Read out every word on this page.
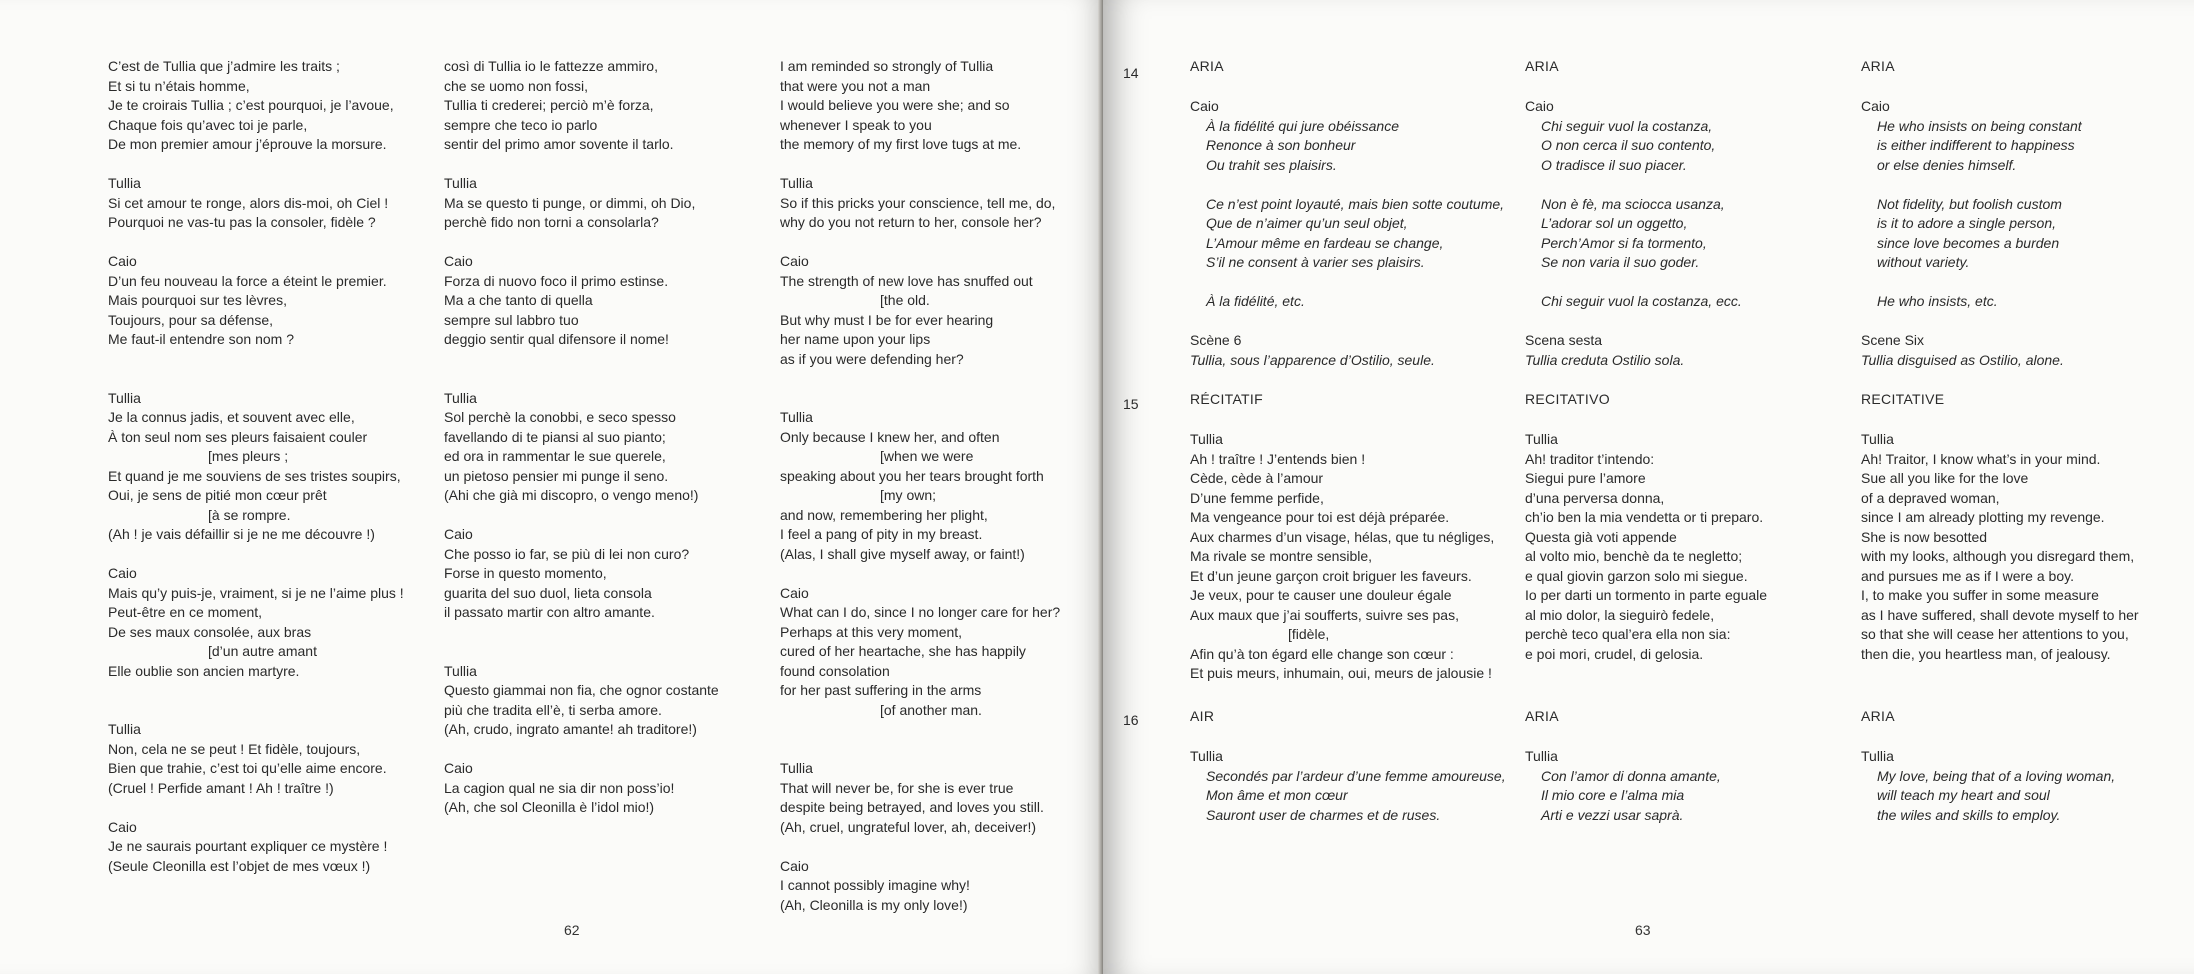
C’est de Tullia que j’admire les traits ;
Et si tu n’étais homme,
Je te croirais Tullia ; c’est pourquoi, je l’avoue,
Chaque fois qu’avec toi je parle,
De mon premier amour j’éprouve la morsure.
Tullia
Si cet amour te ronge, alors dis-moi, oh Ciel !
Pourquoi ne vas-tu pas la consoler, fidèle ?
Caio
D’un feu nouveau la force a éteint le premier.
Mais pourquoi sur tes lèvres,
Toujours, pour sa défense,
Me faut-il entendre son nom ?
Tullia
Je la connus jadis, et souvent avec elle,
À ton seul nom ses pleurs faisaient couler
[mes pleurs ;
Et quand je me souviens de ses tristes soupirs,
Oui, je sens de pitié mon cœur prêt
[à se rompre.
(Ah ! je vais défaillir si je ne me découvre !)
Caio
Mais qu’y puis-je, vraiment, si je ne l’aime plus !
Peut-être en ce moment,
De ses maux consolée, aux bras
[d’un autre amant
Elle oublie son ancien martyre.
Tullia
Non, cela ne se peut ! Et fidèle, toujours,
Bien que trahie, c’est toi qu’elle aime encore.
(Cruel ! Perfide amant ! Ah ! traître !)
Caio
Je ne saurais pourtant expliquer ce mystère !
(Seule Cleonilla est l’objet de mes vœux !)
così di Tullia io le fattezze ammiro,
che se uomo non fossi,
Tullia ti crederei; perciò m’è forza,
sempre che teco io parlo
sentir del primo amor sovente il tarlo.
Tullia
Ma se questo ti punge, or dimmi, oh Dio,
perchè fido non torni a consolarla?
Caio
Forza di nuovo foco il primo estinse.
Ma a che tanto di quella
sempre sul labbro tuo
deggio sentir qual difensore il nome!
Tullia
Sol perchè la conobbi, e seco spesso
favellando di te piansi al suo pianto;
ed ora in rammentar le sue querele,
un pietoso pensier mi punge il seno.
(Ahi che già mi discopro, o vengo meno!)
Caio
Che posso io far, se più di lei non curo?
Forse in questo momento,
guarita del suo duol, lieta consola
il passato martir con altro amante.
Tullia
Questo giammai non fia, che ognor costante
più che tradita ell’è, ti serba amore.
(Ah, crudo, ingrato amante! ah traditore!)
Caio
La cagion qual ne sia dir non poss’io!
(Ah, che sol Cleonilla è l’idol mio!)
I am reminded so strongly of Tullia
that were you not a man
I would believe you were she; and so
whenever I speak to you
the memory of my first love tugs at me.
Tullia
So if this pricks your conscience, tell me, do,
why do you not return to her, console her?
Caio
The strength of new love has snuffed out
[the old.
But why must I be for ever hearing
her name upon your lips
as if you were defending her?
Tullia
Only because I knew her, and often
[when we were
speaking about you her tears brought forth
[my own;
and now, remembering her plight,
I feel a pang of pity in my breast.
(Alas, I shall give myself away, or faint!)
Caio
What can I do, since I no longer care for her?
Perhaps at this very moment,
cured of her heartache, she has happily
found consolation
for her past suffering in the arms
[of another man.
Tullia
That will never be, for she is ever true
despite being betrayed, and loves you still.
(Ah, cruel, ungrateful lover, ah, deceiver!)
Caio
I cannot possibly imagine why!
(Ah, Cleonilla is my only love!)
62
14
15
16
ARIA
Caio
À la fidélité qui jure obéissance
Renonce à son bonheur
Ou trahit ses plaisirs.
Ce n’est point loyauté, mais bien sotte coutume,
Que de n’aimer qu’un seul objet,
L’Amour même en fardeau se change,
S’il ne consent à varier ses plaisirs.
À la fidélité, etc.
Scène 6
Tullia, sous l’apparence d’Ostilio, seule.
RÉCITATIF
Tullia
Ah ! traître ! J’entends bien !
Cède, cède à l’amour
D’une femme perfide,
Ma vengeance pour toi est déjà préparée.
Aux charmes d’un visage, hélas, que tu négliges,
Ma rivale se montre sensible,
Et d’un jeune garçon croit briguer les faveurs.
Je veux, pour te causer une douleur égale
Aux maux que j’ai soufferts, suivre ses pas,
[fidèle,
Afin qu’à ton égard elle change son cœur :
Et puis meurs, inhumain, oui, meurs de jalousie !
AIR
Tullia
Secondés par l’ardeur d’une femme amoureuse,
Mon âme et mon cœur
Sauront user de charmes et de ruses.
ARIA
Caio
Chi seguir vuol la costanza,
O non cerca il suo contento,
O tradisce il suo piacer.
Non è fè, ma sciocca usanza,
L’adorar sol un oggetto,
Perch’Amor si fa tormento,
Se non varia il suo goder.
Chi seguir vuol la costanza, ecc.
Scena sesta
Tullia creduta Ostilio sola.
RECITATIVO
Tullia
Ah! traditor t’intendo:
Siegui pure l’amore
d’una perversa donna,
ch’io ben la mia vendetta or ti preparo.
Questa già voti appende
al volto mio, benchè da te negletto;
e qual giovin garzon solo mi siegue.
Io per darti un tormento in parte eguale
al mio dolor, la sieguirò fedele,
perchè teco qual’era ella non sia:
e poi mori, crudel, di gelosia.
ARIA
Tullia
Con l’amor di donna amante,
Il mio core e l’alma mia
Arti e vezzi usar saprà.
ARIA
Caio
He who insists on being constant
is either indifferent to happiness
or else denies himself.
Not fidelity, but foolish custom
is it to adore a single person,
since love becomes a burden
without variety.
He who insists, etc.
Scene Six
Tullia disguised as Ostilio, alone.
RECITATIVE
Tullia
Ah! Traitor, I know what’s in your mind.
Sue all you like for the love
of a depraved woman,
since I am already plotting my revenge.
She is now besotted
with my looks, although you disregard them,
and pursues me as if I were a boy.
I, to make you suffer in some measure
as I have suffered, shall devote myself to her
so that she will cease her attentions to you,
then die, you heartless man, of jealousy.
ARIA
Tullia
My love, being that of a loving woman,
will teach my heart and soul
the wiles and skills to employ.
63
